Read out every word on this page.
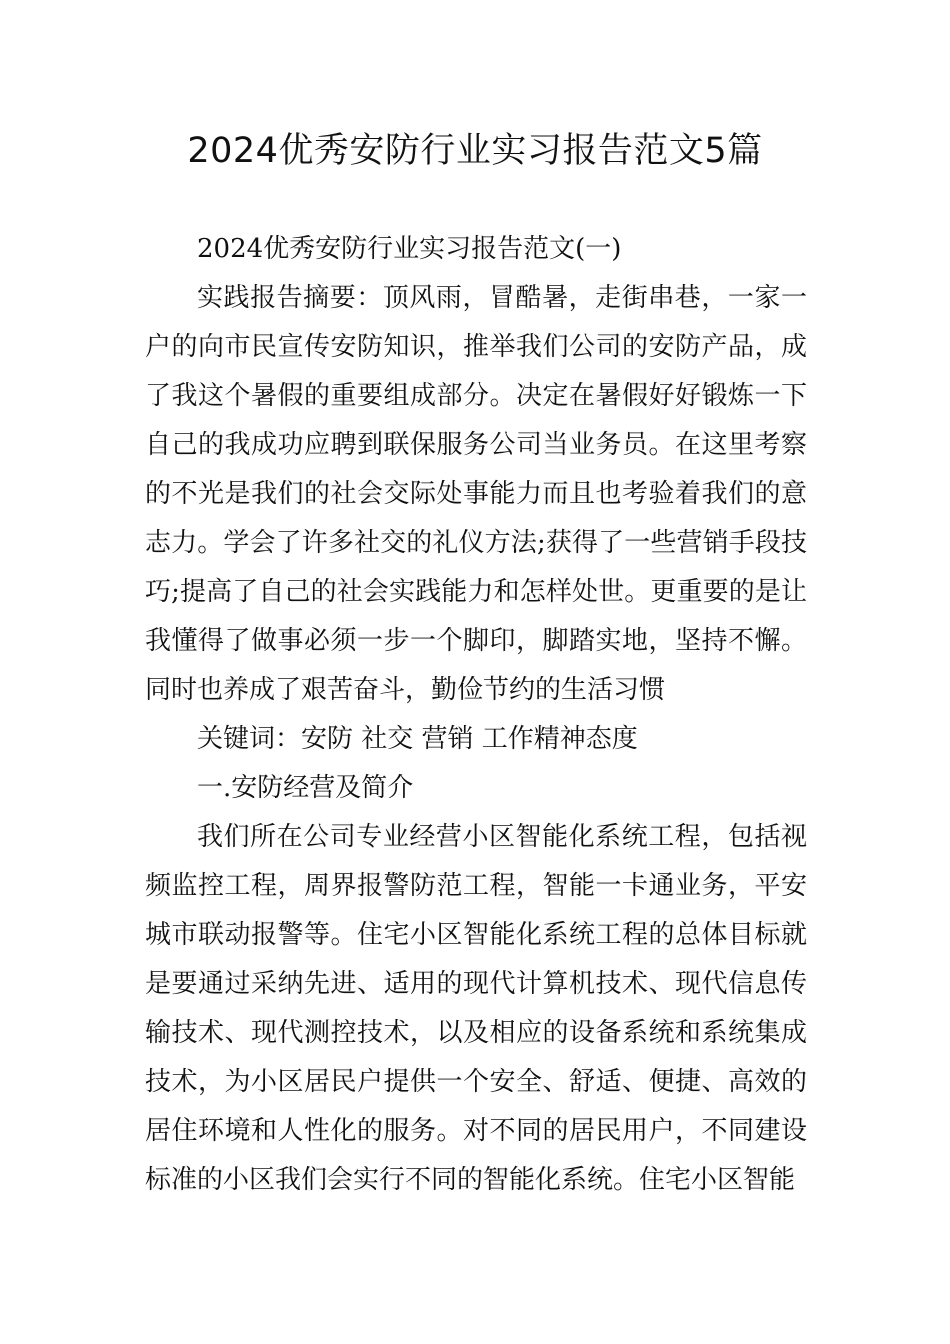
2024优秀安防行业实习报告范文5篇

2024优秀安防行业实习报告范文(一)

实践报告摘要：顶风雨，冒酷暑，走街串巷，一家一户的向市民宣传安防知识，推举我们公司的安防产品，成了我这个暑假的重要组成部分。决定在暑假好好锻炼一下自己的我成功应聘到联保服务公司当业务员。在这里考察的不光是我们的社会交际处事能力而且也考验着我们的意志力。学会了许多社交的礼仪方法;获得了一些营销手段技巧;提高了自己的社会实践能力和怎样处世。更重要的是让我懂得了做事必须一步一个脚印，脚踏实地，坚持不懈。同时也养成了艰苦奋斗，勤俭节约的生活习惯

关键词：安防 社交 营销 工作精神态度

一.安防经营及简介

我们所在公司专业经营小区智能化系统工程，包括视频监控工程，周界报警防范工程，智能一卡通业务，平安城市联动报警等。住宅小区智能化系统工程的总体目标就是要通过采纳先进、适用的现代计算机技术、现代信息传输技术、现代测控技术，以及相应的设备系统和系统集成技术，为小区居民户提供一个安全、舒适、便捷、高效的居住环境和人性化的服务。对不同的居民用户，不同建设标准的小区我们会实行不同的智能化系统。住宅小区智能
